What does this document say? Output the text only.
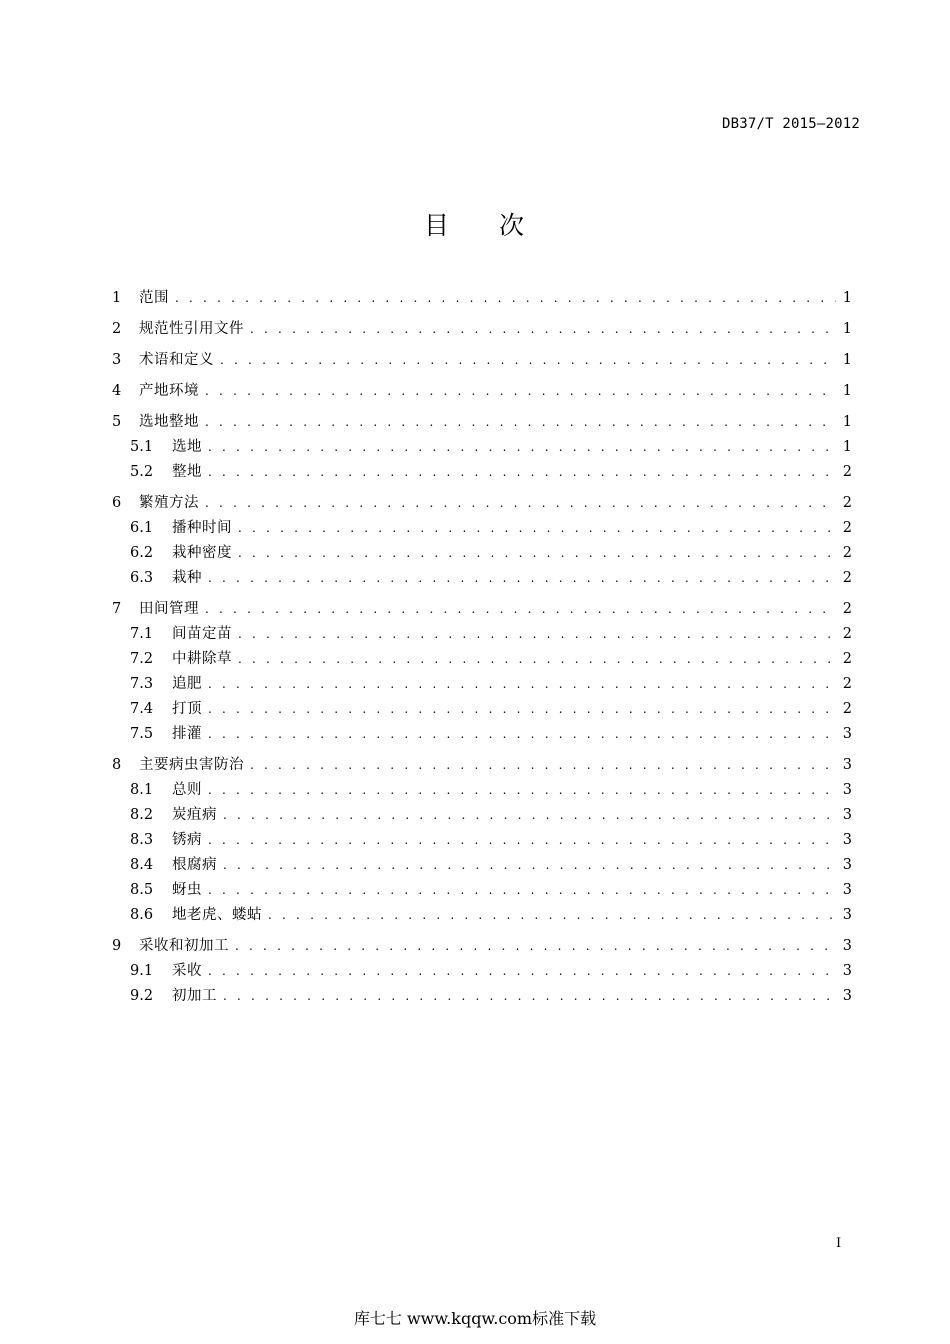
DB37/T 2015—2012
目 次
1	范围 . . .	1
2	规范性引用文件 . . .	1
3	术语和定义 . . .	1
4	产地环境 . . .	1
5	选地整地 . . .	1
5.1	选地 . . .	1
5.2	整地 . . .	2
6	繁殖方法 . . .	2
6.1	播种时间 . . .	2
6.2	栽种密度 . . .	2
6.3	栽种 . . .	2
7	田间管理 . . .	2
7.1	间苗定苗 . . .	2
7.2	中耕除草 . . .	2
7.3	追肥 . . .	2
7.4	打顶 . . .	2
7.5	排灌 . . .	3
8	主要病虫害防治 . . .	3
8.1	总则 . . .	3
8.2	炭疽病 . . .	3
8.3	锈病 . . .	3
8.4	根腐病 . . .	3
8.5	蚜虫 . . .	3
8.6	地老虎、蝼蛄 . . .	3
9	采收和初加工 . . .	3
9.1	采收 . . .	3
9.2	初加工 . . .	3
I
库七七 www.kqqw.com标准下载
